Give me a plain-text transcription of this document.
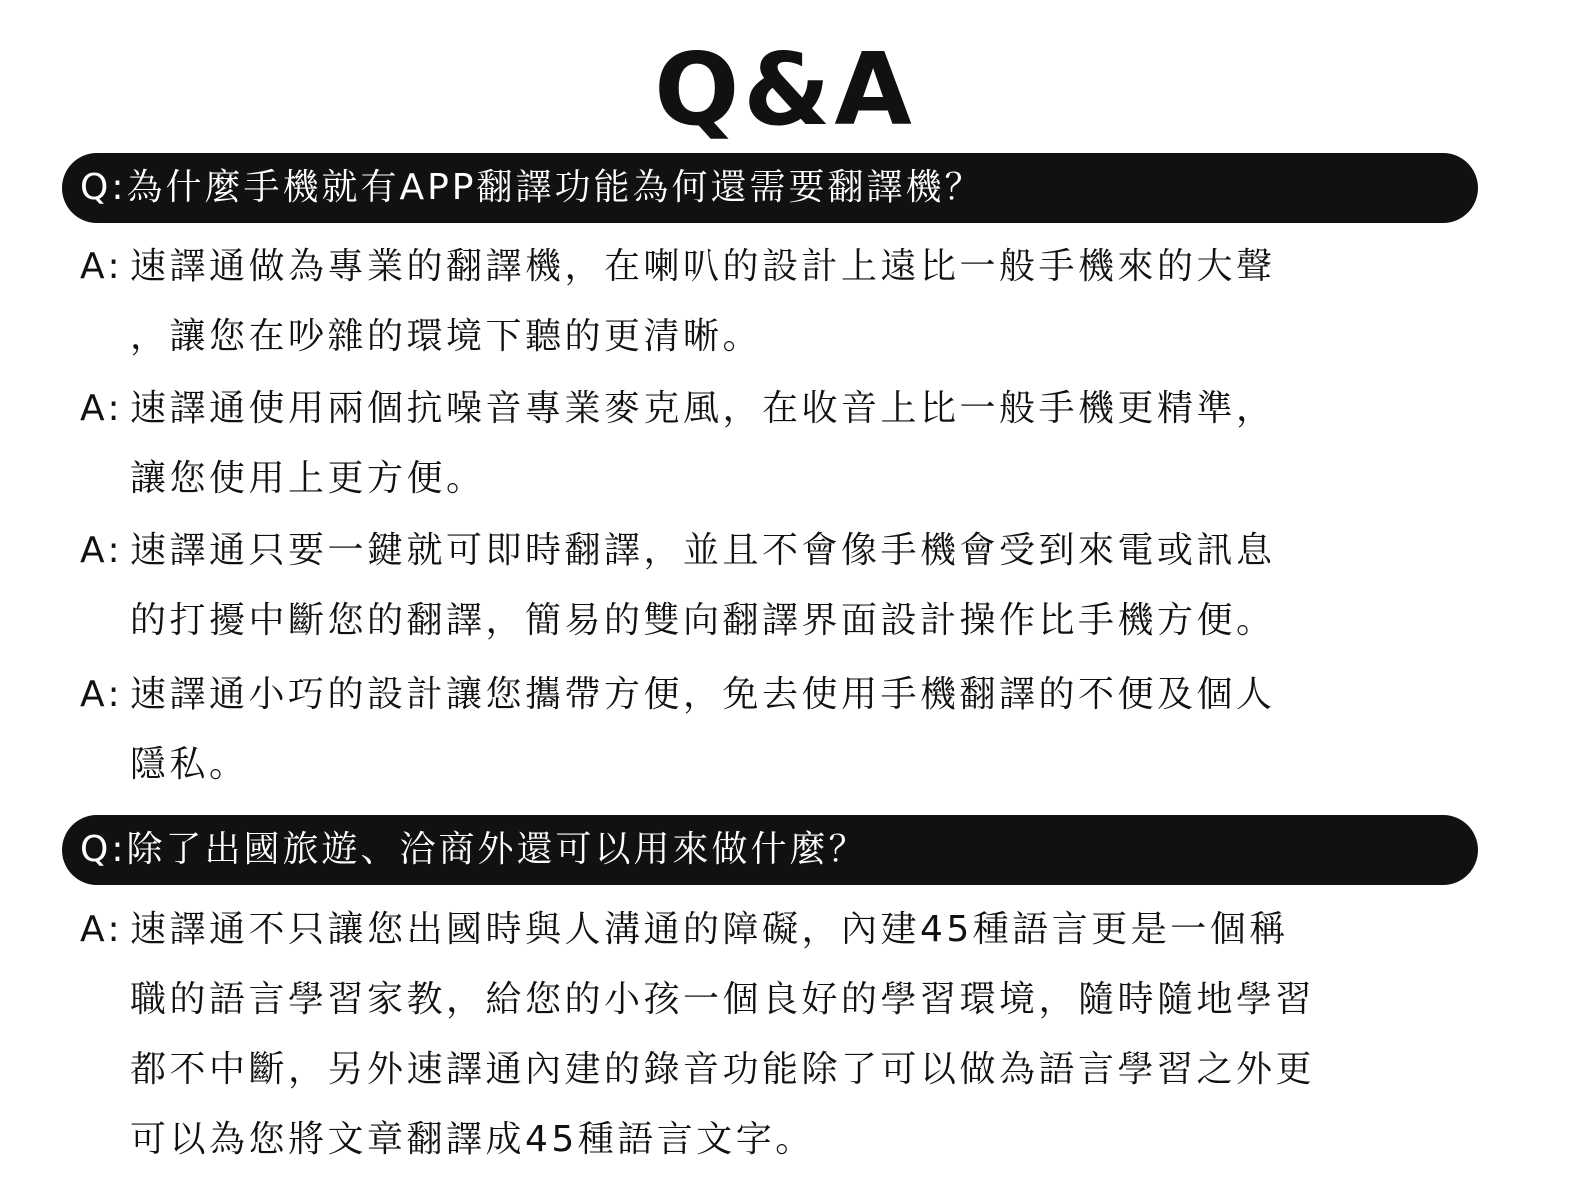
Q&A
Q:為什麼手機就有APP翻譯功能為何還需要翻譯機？
A: 速譯通做為專業的翻譯機，在喇叭的設計上遠比一般手機來的大聲
，讓您在吵雜的環境下聽的更清晰。
A: 速譯通使用兩個抗噪音專業麥克風，在收音上比一般手機更精準，
讓您使用上更方便。
A: 速譯通只要一鍵就可即時翻譯，並且不會像手機會受到來電或訊息
的打擾中斷您的翻譯，簡易的雙向翻譯界面設計操作比手機方便。
A: 速譯通小巧的設計讓您攜帶方便，免去使用手機翻譯的不便及個人
隱私。
Q:除了出國旅遊、洽商外還可以用來做什麼？
A: 速譯通不只讓您出國時與人溝通的障礙，內建45種語言更是一個稱
職的語言學習家教，給您的小孩一個良好的學習環境，隨時隨地學習
都不中斷，另外速譯通內建的錄音功能除了可以做為語言學習之外更
可以為您將文章翻譯成45種語言文字。
